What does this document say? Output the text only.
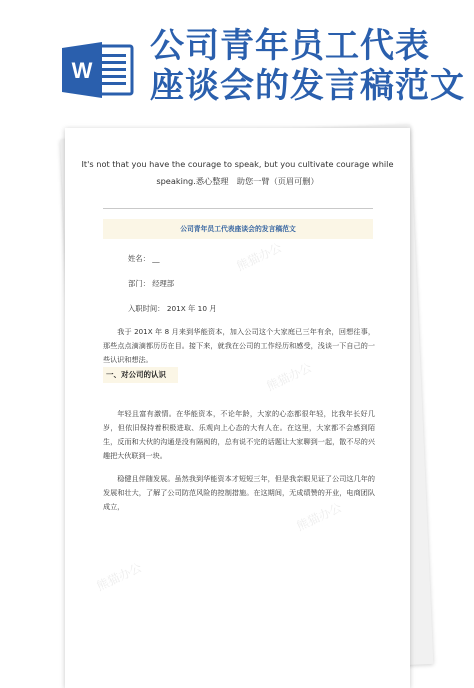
W
公司青年员工代表
座谈会的发言稿范文
It's not that you have the courage to speak, but you cultivate courage while
speaking.悉心整理　助您一臂（页眉可删）
公司青年员工代表座谈会的发言稿范文
姓名： __
部门： 经理部
入职时间： 201X 年 10 月

我于 201X 年 8 月来到华能资本，加入公司这个大家庭已三年有余，回想往事，那些点点滴滴都历历在目。接下来，就我在公司的工作经历和感受，浅谈一下自己的一些认识和想法。

一、对公司的认识

年轻且富有激情。在华能资本，不论年龄，大家的心态都很年轻，比我年长好几岁，但依旧保持着积极进取、乐观向上心态的大有人在。在这里，大家都不会感到陌生，反而和大伙的沟通是没有隔阂的，总有说不完的话题让大家聊到一起，散不尽的兴趣把大伙联到一块。

稳健且伴随发展。虽然我到华能资本才短短三年，但是我亲眼见证了公司这几年的发展和壮大，了解了公司防范风险的控制措施。在这期间，无成绩赞的开业，电商团队成立，

熊猫办公
熊猫办公
熊猫办公
熊猫办公
